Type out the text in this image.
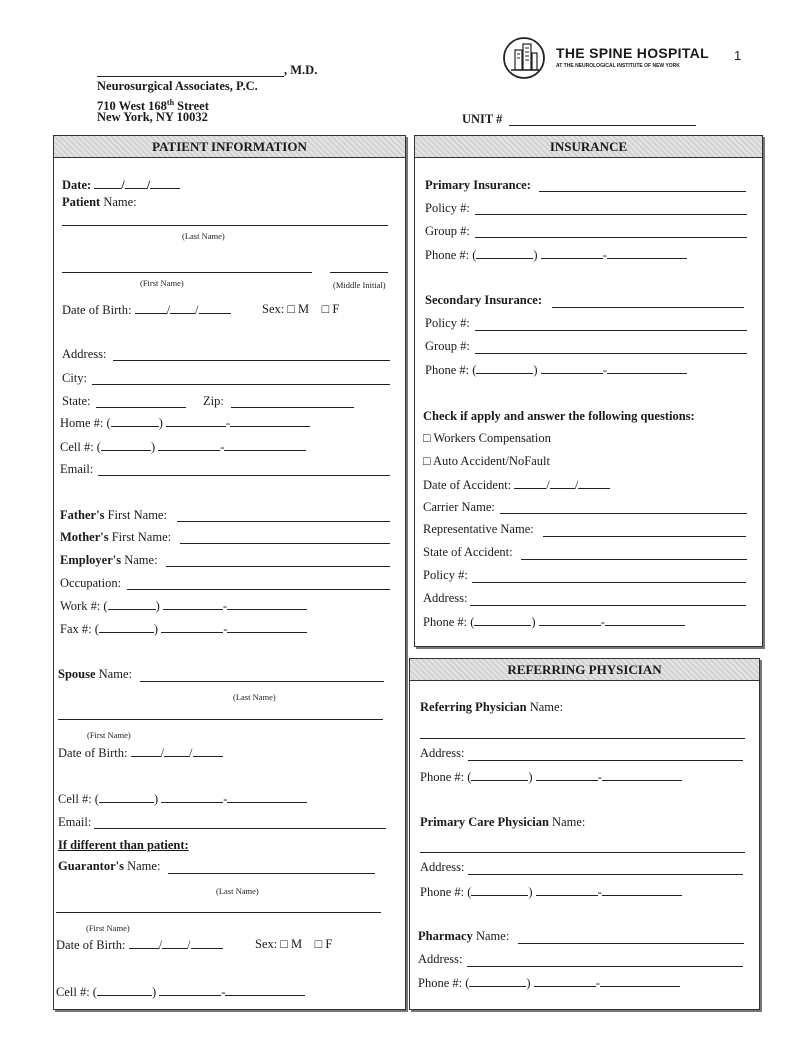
, M.D.
Neurosurgical Associates, P.C.
710 West 168th Street
New York, NY 10032
THE SPINE HOSPITAL
AT THE NEUROLOGICAL INSTITUTE OF NEW YORK
1
UNIT #
PATIENT INFORMATION
Date: / /
Patient Name:
(Last Name)
(First Name)	(Middle Initial)
Date of Birth:	/ /	Sex: □ M □ F
Address:
City:
State:	Zip:
Home #: (	)	-
Cell #: (	)	-
Email:
Father's First Name:
Mother's First Name:
Employer's Name:
Occupation:
Work #: (	)	-
Fax #: (	)	-
Spouse Name:
(Last Name)
(First Name)
Date of Birth:	/ /
Cell #: (	)	-
Email:
If different than patient:
Guarantor's Name:
(Last Name)
(First Name)
Date of Birth:	/ /	Sex: □ M □ F
Cell #: (	)	-
INSURANCE
Primary Insurance:
Policy #:
Group #:
Phone #: (	)	-
Secondary Insurance:
Policy #:
Group #:
Phone #: (	)	-
Check if apply and answer the following questions:
□ Workers Compensation
□ Auto Accident/NoFault
Date of Accident:	/ /
Carrier Name:
Representative Name:
State of Accident:
Policy #:
Address:
Phone #: (	)	-
REFERRING PHYSICIAN
Referring Physician Name:
Address:
Phone #: (	)	-
Primary Care Physician Name:
Address:
Phone #: (	)	-
Pharmacy Name:
Address:
Phone #: (	)	-
